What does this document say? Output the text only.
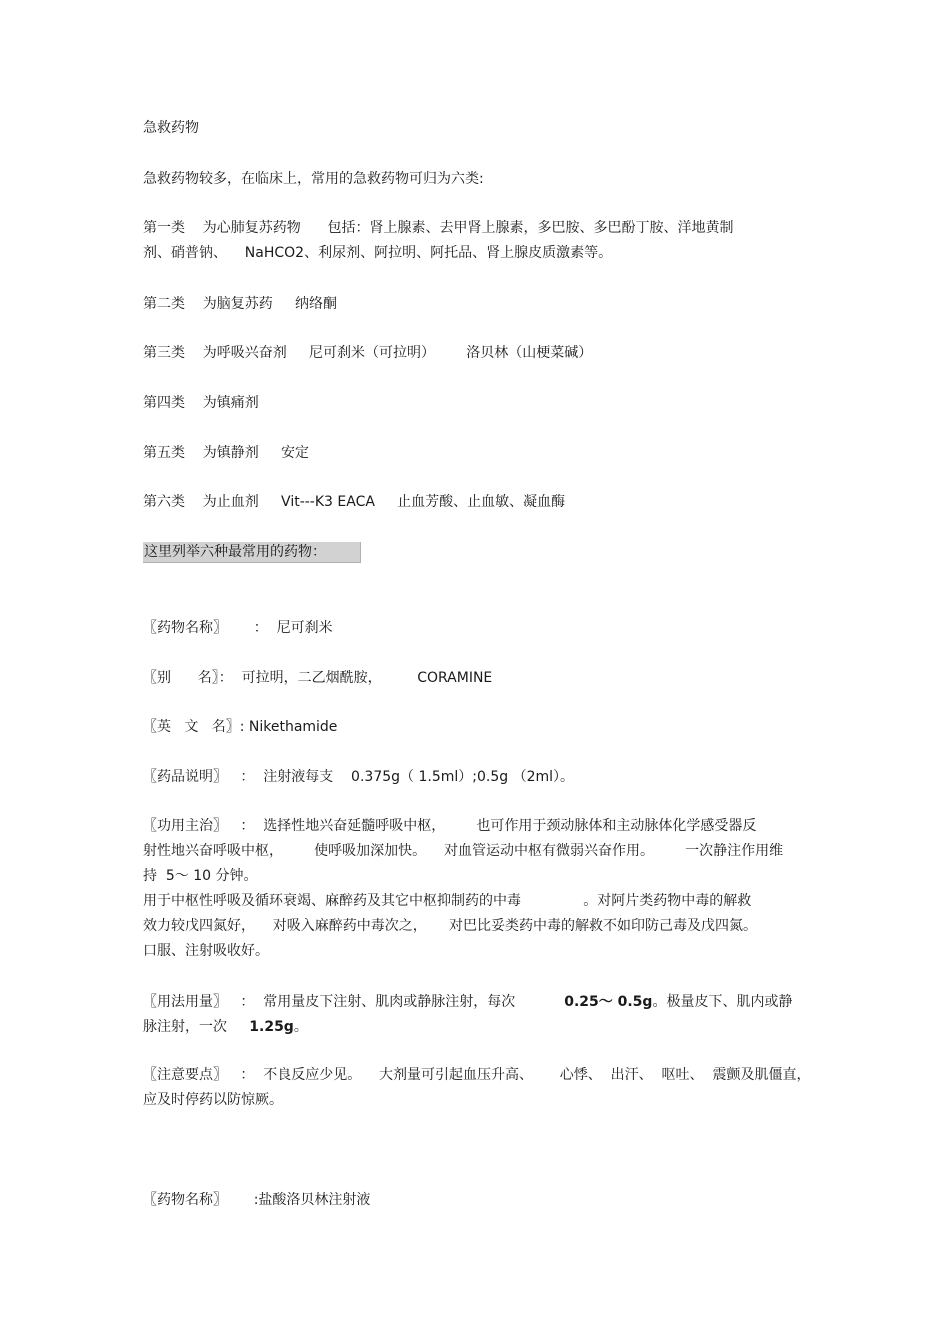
急救药物
急救药物较多，在临床上，常用的急救药物可归为六类:
第一类    为心肺复苏药物      包括：肾上腺素、去甲肾上腺素，多巴胺、多巴酚丁胺、洋地黄制
剂、硝普钠、    NaHCO2、利尿剂、阿拉明、阿托品、肾上腺皮质激素等。
第二类    为脑复苏药     纳络酮
第三类    为呼吸兴奋剂     尼可刹米（可拉明）       洛贝林（山梗菜碱）
第四类    为镇痛剂
第五类    为镇静剂     安定
第六类    为止血剂     Vit---K3 EACA     止血芳酸、止血敏、凝血酶
这里列举六种最常用的药物：
〖药物名称〗      ：  尼可刹米
〖别      名〗：  可拉明，二乙烟酰胺，        CORAMINE
〖英   文   名〗: Nikethamide
〖药品说明〗   ：  注射液每支    0.375g（ 1.5ml）;0.5g （2ml）。
〖功用主治〗   ：  选择性地兴奋延髓呼吸中枢，       也可作用于颈动脉体和主动脉体化学感受器反
射性地兴奋呼吸中枢，       使呼吸加深加快。    对血管运动中枢有微弱兴奋作用。       一次静注作用维
持  5～ 10 分钟。
用于中枢性呼吸及循环衰竭、麻醉药及其它中枢抑制药的中毒              。对阿片类药物中毒的解救
效力较戊四氮好，    对吸入麻醉药中毒次之，     对巴比妥类药中毒的解救不如印防己毒及戊四氮。
口服、注射吸收好。
〖用法用量〗   ：  常用量皮下注射、肌肉或静脉注射，每次           0.25～ 0.5g。极量皮下、肌内或静
脉注射，一次     1.25g。
〖注意要点〗   ：  不良反应少见。    大剂量可引起血压升高、      心悸、  出汗、  呕吐、  震颤及肌僵直，
应及时停药以防惊厥。
〖药物名称〗      :盐酸洛贝林注射液
